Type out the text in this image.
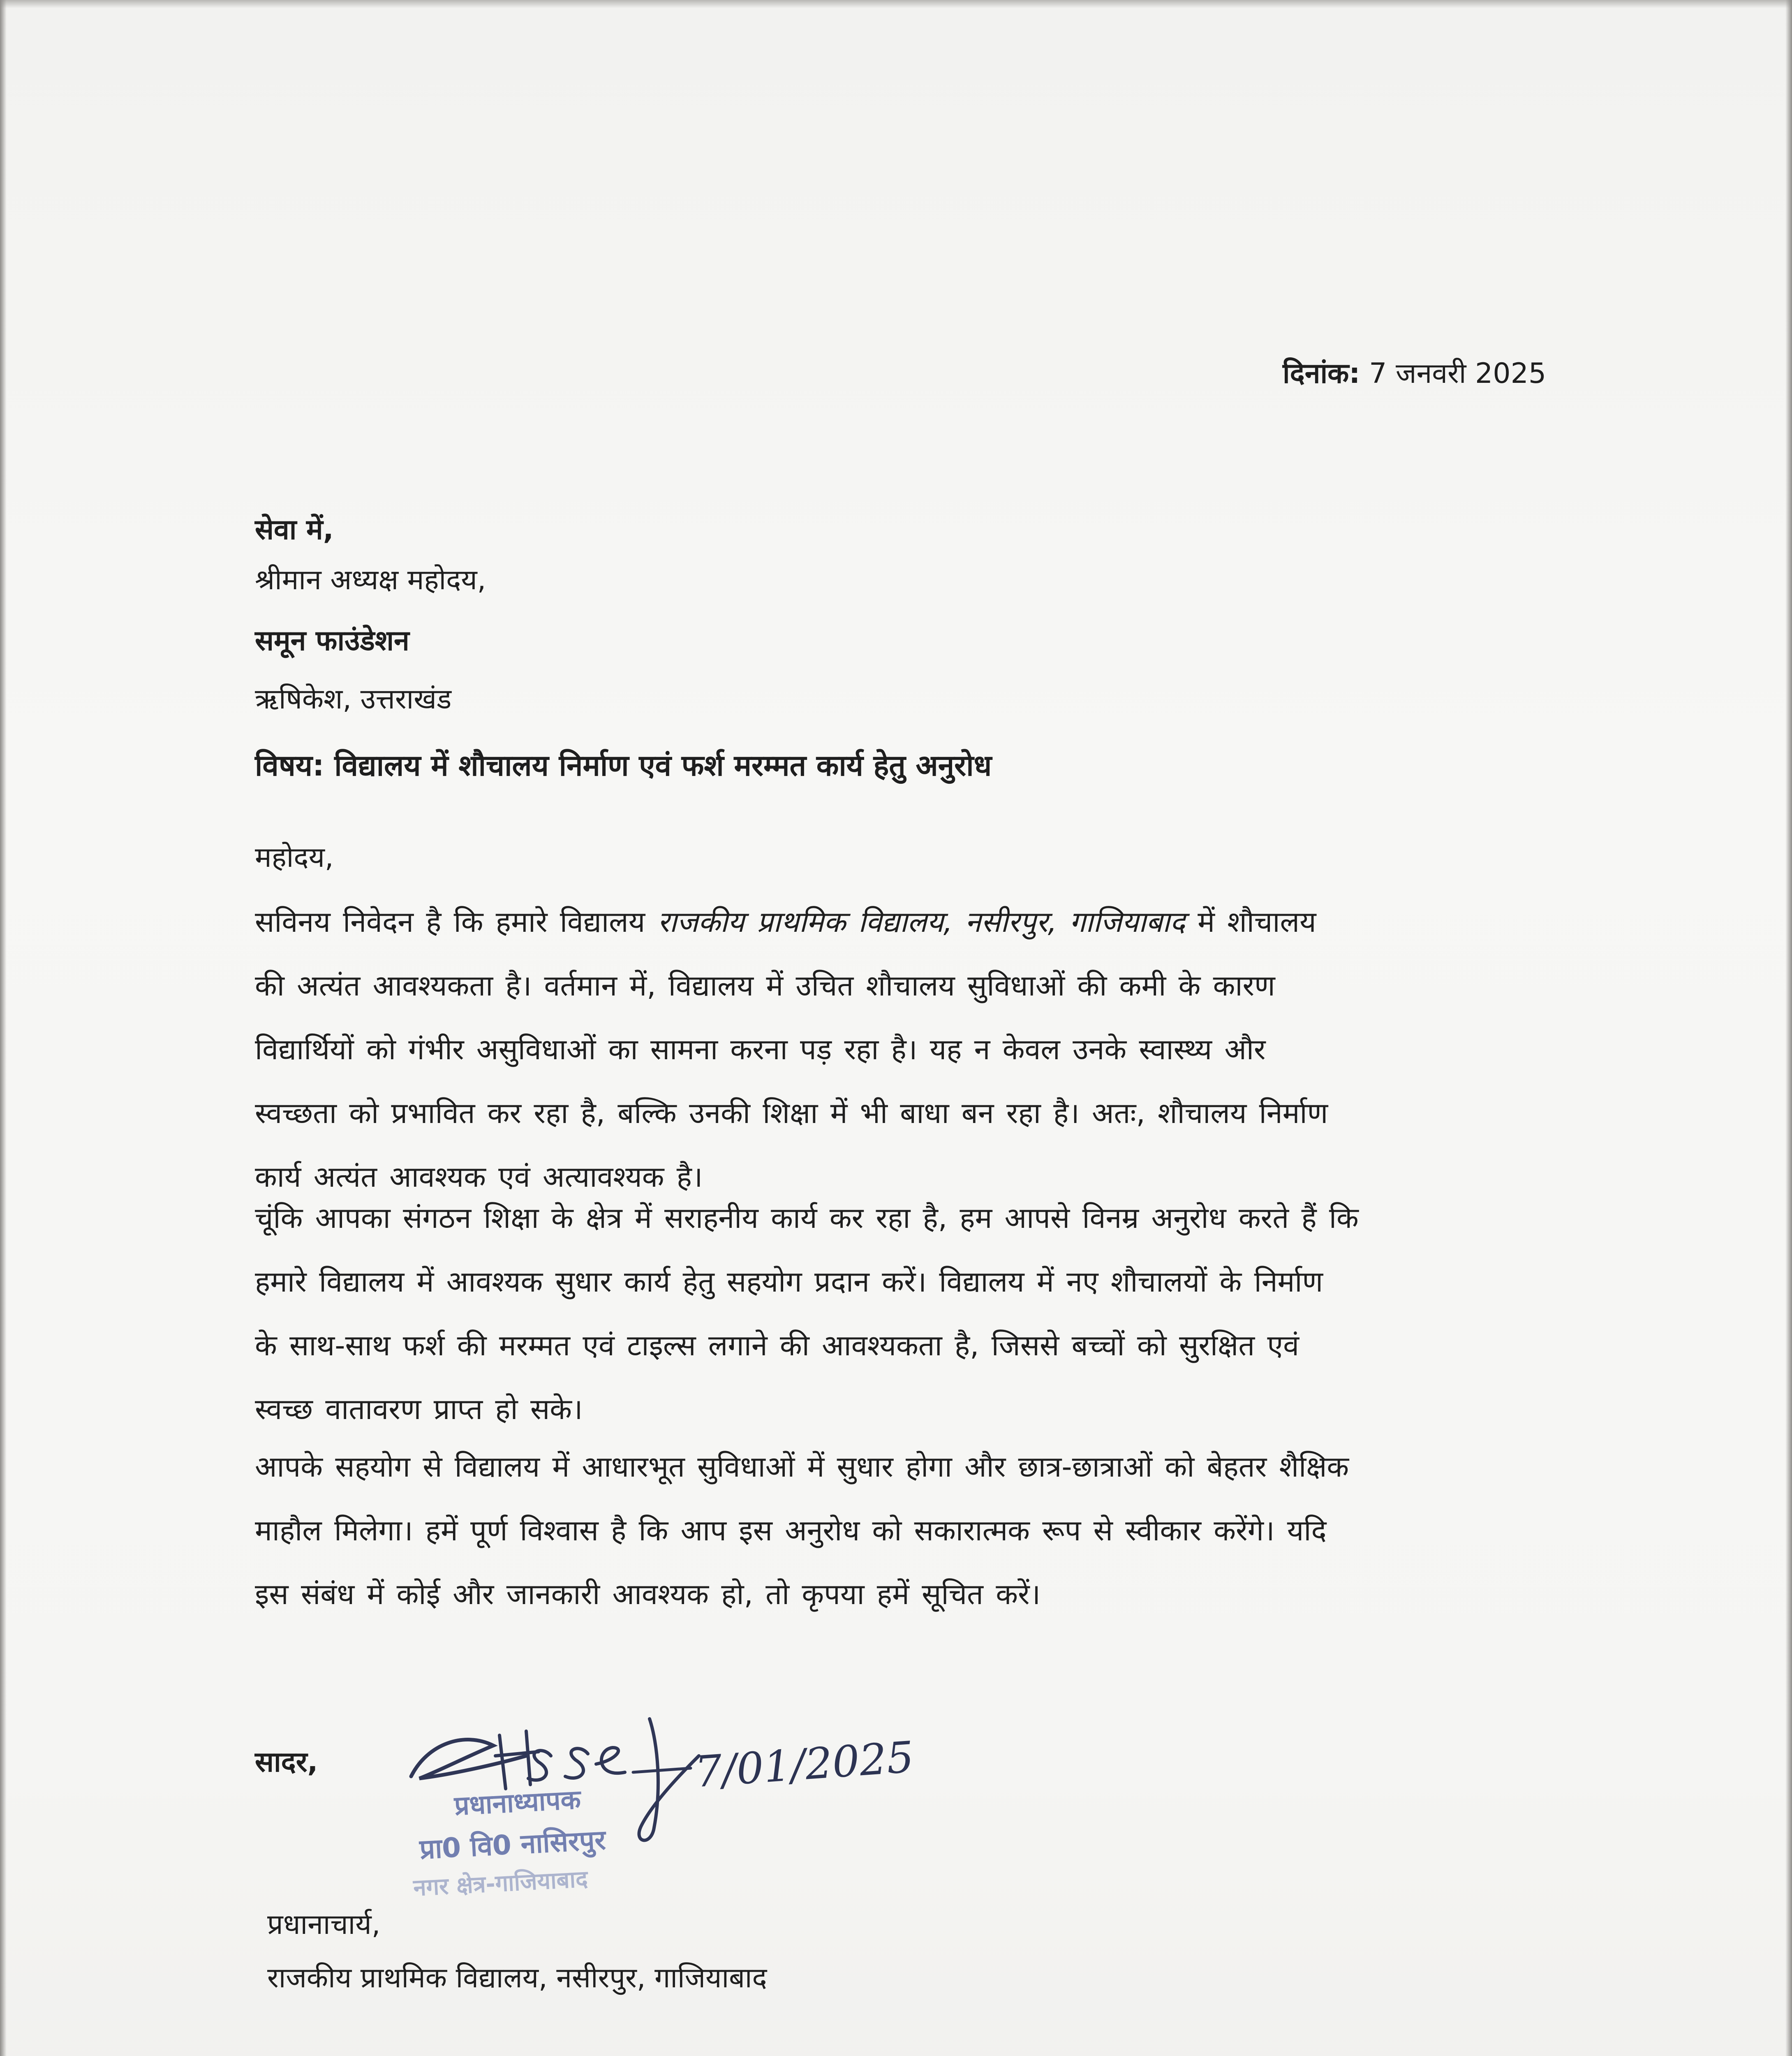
दिनांक: 7 जनवरी 2025
सेवा में,
श्रीमान अध्यक्ष महोदय,
समून फाउंडेशन
ऋषिकेश, उत्तराखंड
विषय: विद्यालय में शौचालय निर्माण एवं फर्श मरम्मत कार्य हेतु अनुरोध
महोदय,
सविनय निवेदन है कि हमारे विद्यालय राजकीय प्राथमिक विद्यालय, नसीरपुर, गाजियाबाद में शौचालय
की अत्यंत आवश्यकता है। वर्तमान में, विद्यालय में उचित शौचालय सुविधाओं की कमी के कारण
विद्यार्थियों को गंभीर असुविधाओं का सामना करना पड़ रहा है। यह न केवल उनके स्वास्थ्य और
स्वच्छता को प्रभावित कर रहा है, बल्कि उनकी शिक्षा में भी बाधा बन रहा है। अतः, शौचालय निर्माण
कार्य अत्यंत आवश्यक एवं अत्यावश्यक है।
चूंकि आपका संगठन शिक्षा के क्षेत्र में सराहनीय कार्य कर रहा है, हम आपसे विनम्र अनुरोध करते हैं कि
हमारे विद्यालय में आवश्यक सुधार कार्य हेतु सहयोग प्रदान करें। विद्यालय में नए शौचालयों के निर्माण
के साथ-साथ फर्श की मरम्मत एवं टाइल्स लगाने की आवश्यकता है, जिससे बच्चों को सुरक्षित एवं
स्वच्छ वातावरण प्राप्त हो सके।
आपके सहयोग से विद्यालय में आधारभूत सुविधाओं में सुधार होगा और छात्र-छात्राओं को बेहतर शैक्षिक
माहौल मिलेगा। हमें पूर्ण विश्वास है कि आप इस अनुरोध को सकारात्मक रूप से स्वीकार करेंगे। यदि
इस संबंध में कोई और जानकारी आवश्यक हो, तो कृपया हमें सूचित करें।
सादर,	7/01/2025
प्रधानाध्यापक
प्रा0 वि0 नासिरपुर
नगर क्षेत्र-गाजियाबाद
प्रधानाचार्य,
राजकीय प्राथमिक विद्यालय, नसीरपुर, गाजियाबाद
